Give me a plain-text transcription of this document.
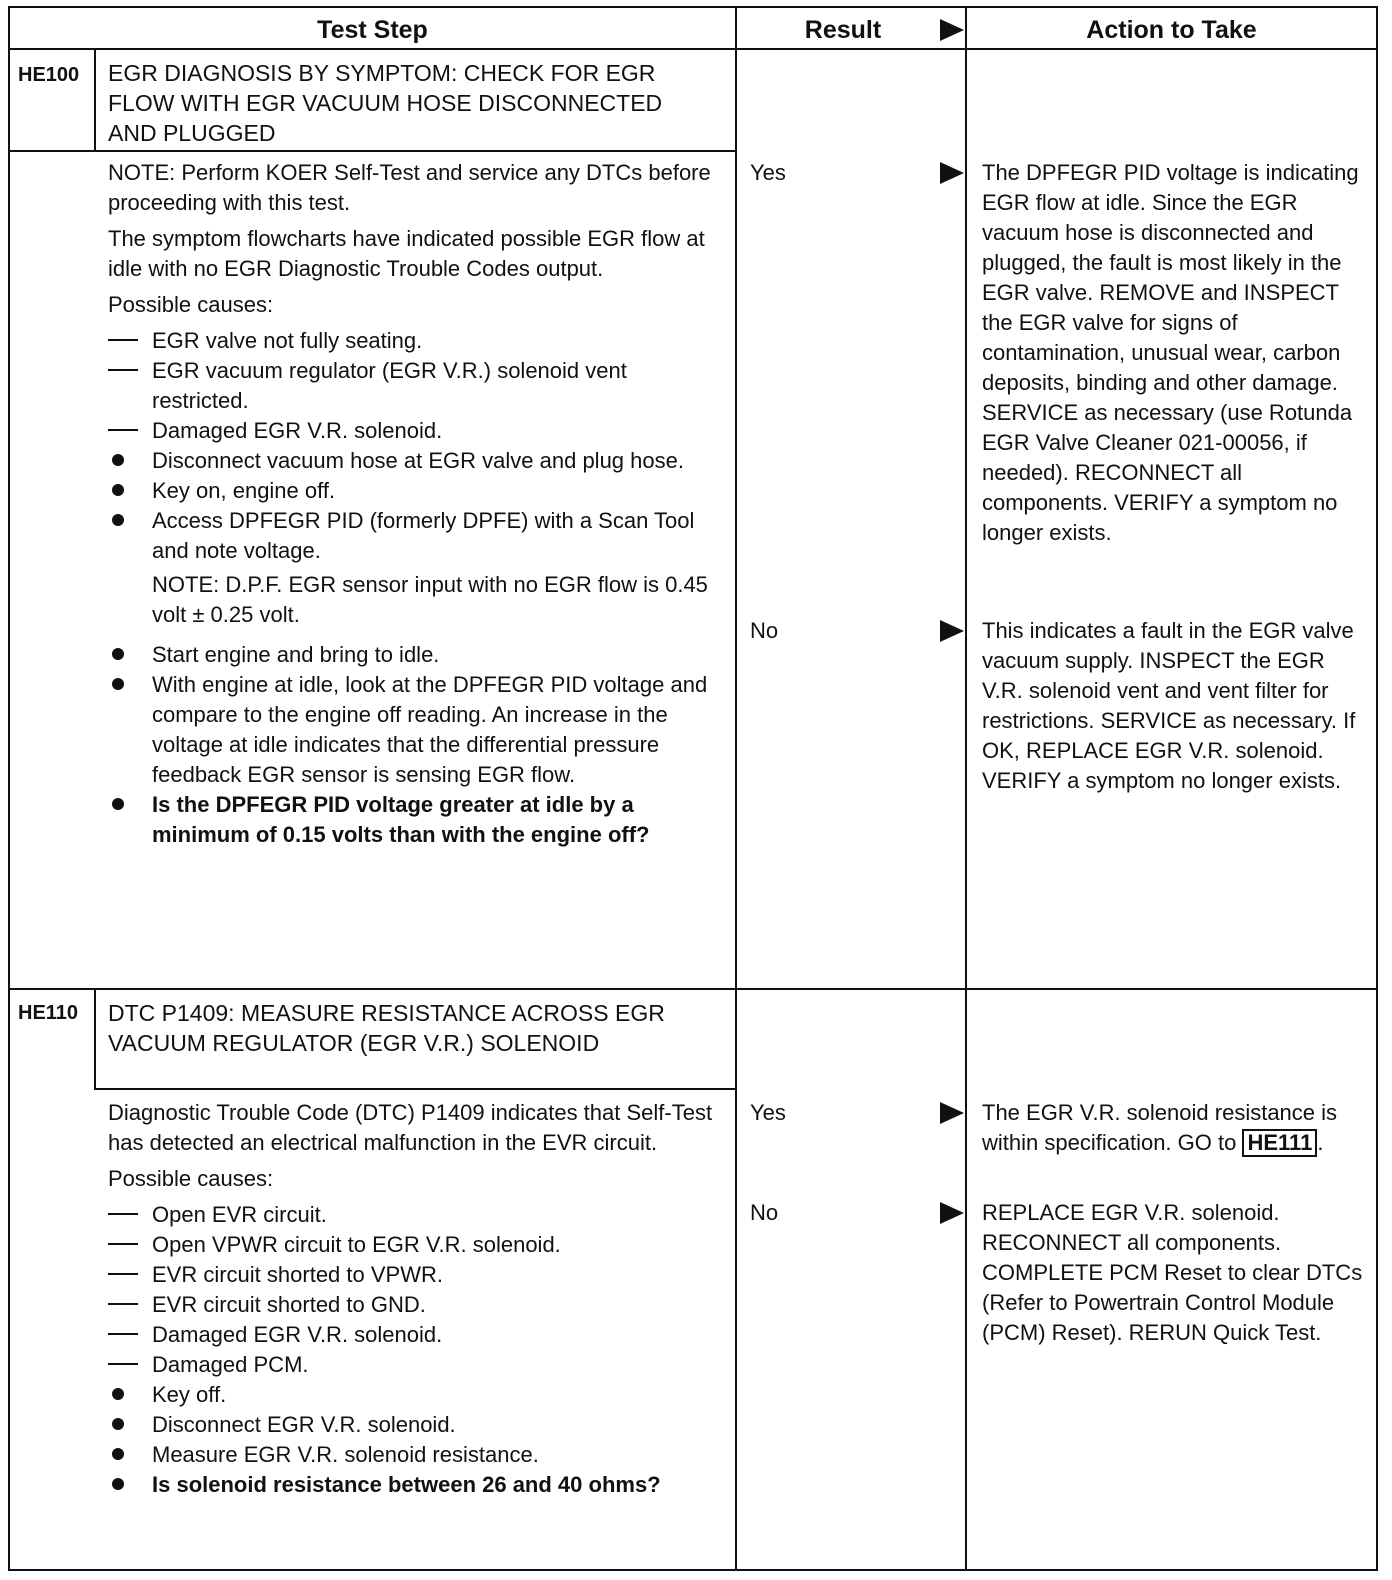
Test Step	Result	Action to Take
HE100 EGR DIAGNOSIS BY SYMPTOM: CHECK FOR EGR FLOW WITH EGR VACUUM HOSE DISCONNECTED AND PLUGGED

NOTE: Perform KOER Self-Test and service any DTCs before proceeding with this test.

The symptom flowcharts have indicated possible EGR flow at idle with no EGR Diagnostic Trouble Codes output.

Possible causes:

EGR valve not fully seating.
EGR vacuum regulator (EGR V.R.) solenoid vent restricted.
Damaged EGR V.R. solenoid.
Disconnect vacuum hose at EGR valve and plug hose.
Key on, engine off.
Access DPFEGR PID (formerly DPFE) with a Scan Tool and note voltage.

NOTE: D.P.F. EGR sensor input with no EGR flow is 0.45 volt ± 0.25 volt.

Start engine and bring to idle.
With engine at idle, look at the DPFEGR PID voltage and compare to the engine off reading. An increase in the voltage at idle indicates that the differential pressure feedback EGR sensor is sensing EGR flow.
Is the DPFEGR PID voltage greater at idle by a minimum of 0.15 volts than with the engine off?
Yes	The DPFEGR PID voltage is indicating EGR flow at idle. Since the EGR vacuum hose is disconnected and plugged, the fault is most likely in the EGR valve. REMOVE and INSPECT the EGR valve for signs of contamination, unusual wear, carbon deposits, binding and other damage. SERVICE as necessary (use Rotunda EGR Valve Cleaner 021-00056, if needed). RECONNECT all components. VERIFY a symptom no longer exists.
No	This indicates a fault in the EGR valve vacuum supply. INSPECT the EGR V.R. solenoid vent and vent filter for restrictions. SERVICE as necessary. If OK, REPLACE EGR V.R. solenoid. VERIFY a symptom no longer exists.
HE110 DTC P1409: MEASURE RESISTANCE ACROSS EGR VACUUM REGULATOR (EGR V.R.) SOLENOID

Diagnostic Trouble Code (DTC) P1409 indicates that Self-Test has detected an electrical malfunction in the EVR circuit.

Possible causes:

Open EVR circuit.
Open VPWR circuit to EGR V.R. solenoid.
EVR circuit shorted to VPWR.
EVR circuit shorted to GND.
Damaged EGR V.R. solenoid.
Damaged PCM.
Key off.
Disconnect EGR V.R. solenoid.
Measure EGR V.R. solenoid resistance.
Is solenoid resistance between 26 and 40 ohms?
Yes	The EGR V.R. solenoid resistance is within specification. GO to HE111 .
No	REPLACE EGR V.R. solenoid. RECONNECT all components. COMPLETE PCM Reset to clear DTCs (Refer to Powertrain Control Module (PCM) Reset). RERUN Quick Test.
